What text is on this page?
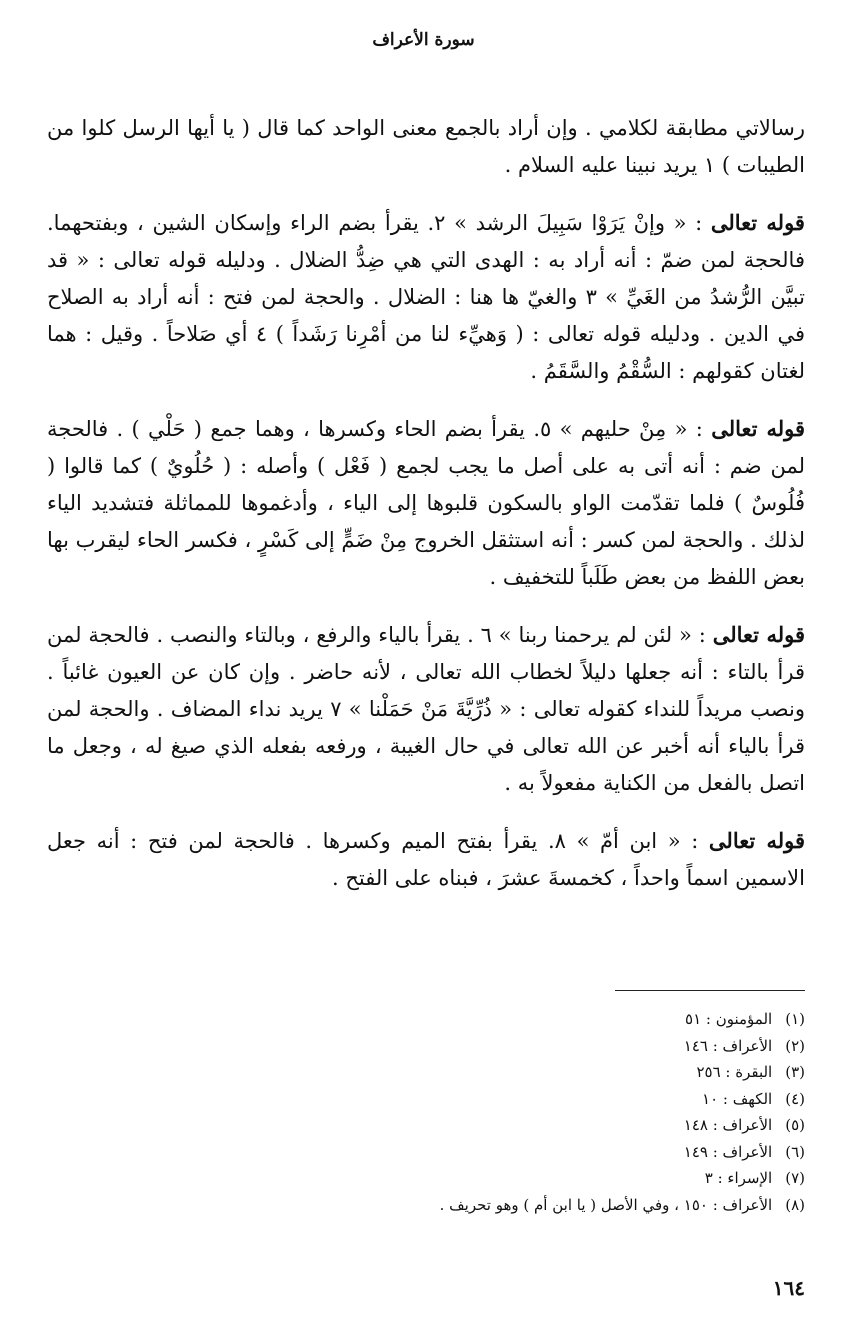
سورة الأعراف

رسالاتي مطابقة لكلامي . وإن أراد بالجمع معنى الواحد كما قال ( يا أيها الرسل كلوا من الطيبات ) ١ يريد نبينا عليه السلام .

قوله تعالى : « وإنْ يَرَوْا سَبِيلَ الرشد » ٢. يقرأ بضم الراء وإسكان الشين ، وبفتحهما. فالحجة لمن ضمّ : أنه أراد به : الهدى التي هي ضِدُّ الضلال . ودليله قوله تعالى : « قد تبيَّن الرُّشدُ من الغَيِّ » ٣ والغيّ ها هنا : الضلال . والحجة لمن فتح : أنه أراد به الصلاح في الدين . ودليله قوله تعالى : ( وَهيِّء لنا من أمْرِنا رَشَداً ) ٤ أي صَلاحاً . وقيل : هما لغتان كقولهم : السُّقْمُ والسَّقَمُ .

قوله تعالى : « مِنْ حليهم » ٥. يقرأ بضم الحاء وكسرها ، وهما جمع ( حَلْي ) . فالحجة لمن ضم : أنه أتى به على أصل ما يجب لجمع ( فَعْل ) وأصله : ( حُلُويٌ ) كما قالوا ( فُلُوسٌ ) فلما تقدّمت الواو بالسكون قلبوها إلى الياء ، وأدغموها للمماثلة فتشديد الياء لذلك . والحجة لمن كسر : أنه استثقل الخروج مِنْ ضَمٍّ إلى كَسْرٍ ، فكسر الحاء ليقرب بها بعض اللفظ من بعض طَلَباً للتخفيف .

قوله تعالى : « لئن لم يرحمنا ربنا » ٦ . يقرأ بالياء والرفع ، وبالتاء والنصب . فالحجة لمن قرأ بالتاء : أنه جعلها دليلاً لخطاب الله تعالى ، لأنه حاضر . وإن كان عن العيون غائباً . ونصب مريداً للنداء كقوله تعالى : « ذُرِّيَّةَ مَنْ حَمَلْنا » ٧ يريد نداء المضاف . والحجة لمن قرأ بالياء أنه أخبر عن الله تعالى في حال الغيبة ، ورفعه بفعله الذي صيغ له ، وجعل ما اتصل بالفعل من الكناية مفعولاً به .

قوله تعالى : « ابن أمّ » ٨. يقرأ بفتح الميم وكسرها . فالحجة لمن فتح : أنه جعل الاسمين اسماً واحداً ، كخمسةَ عشرَ ، فبناه على الفتح .

(١) المؤمنون : ٥١
(٢) الأعراف : ١٤٦
(٣) البقرة : ٢٥٦
(٤) الكهف : ١٠
(٥) الأعراف : ١٤٨
(٦) الأعراف : ١٤٩
(٧) الإسراء : ٣
(٨) الأعراف : ١٥٠ ، وفي الأصل ( يا ابن أم ) وهو تحريف .
١٦٤
